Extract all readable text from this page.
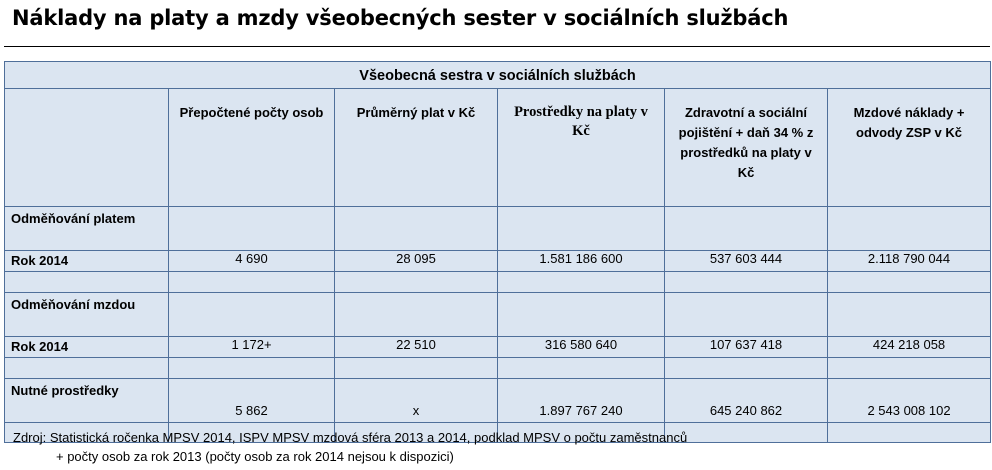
Náklady na platy a mzdy všeobecných sester v sociálních službách
Všeobecná sestra v sociálních službách					
	Přepočtené počty osob	Průměrný plat v Kč	Prostředky na platy v Kč	Zdravotní a sociální pojištění + daň 34 % z prostředků na platy v Kč	Mzdové náklady + odvody ZSP v Kč
Odměňování platem					
Rok 2014	4 690	28 095	1.581 186 600	537 603 444	2.118 790 044

Odměňování mzdou					
Rok 2014	1 172+	22 510	316 580 640	107 637 418	424 218 058

Nutné prostředky	5 862	x	1.897 767 240	645 240 862	2 543 008 102

Zdroj: Statistická ročenka MPSV 2014, ISPV MPSV mzdová sféra 2013 a 2014, podklad MPSV o počtu zaměstnanců
+ počty osob za rok 2013 (počty osob za rok 2014 nejsou k dispozici)
